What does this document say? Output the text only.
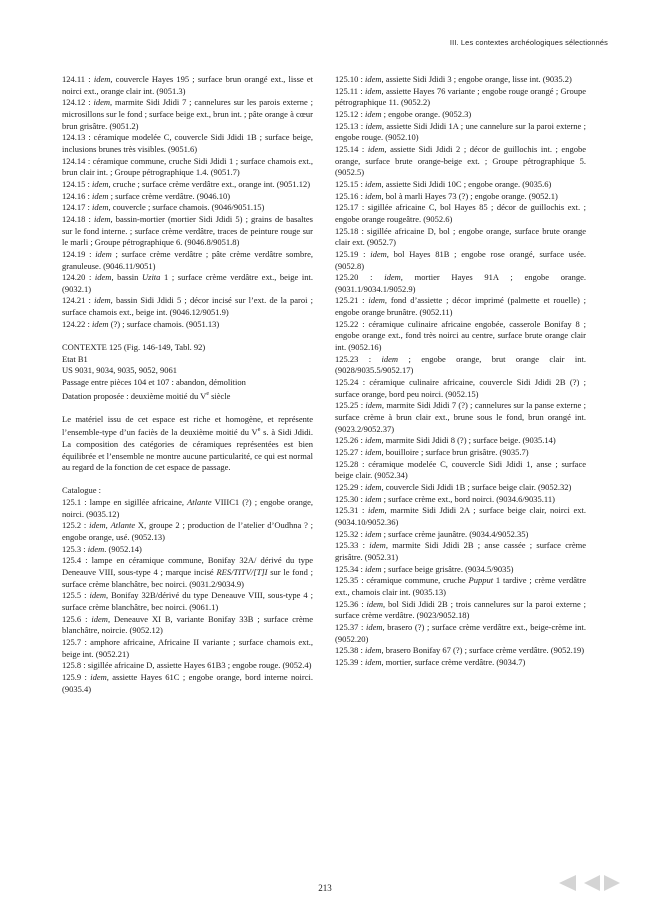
III. Les contextes archéologiques sélectionnés

124.11 : idem, couvercle Hayes 195 ; surface brun orangé ext., lisse et noirci ext., orange clair int. (9051.3)

124.12 : idem, marmite Sidi Jdidi 7 ; cannelures sur les parois externe ; microsillons sur le fond ; surface beige ext., brun int. ; pâte orange à cœur brun grisâtre. (9051.2)

124.13 : céramique modelée C, couvercle Sidi Jdidi 1B ; surface beige, inclusions brunes très visibles. (9051.6)

124.14 : céramique commune, cruche Sidi Jdidi 1 ; surface chamois ext., brun clair int. ; Groupe pétrographique 1.4. (9051.7)

124.15 : idem, cruche ; surface crème verdâtre ext., orange int. (9051.12)

124.16 : idem ; surface crème verdâtre. (9046.10)

124.17 : idem, couvercle ; surface chamois. (9046/9051.15)

124.18 : idem, bassin-mortier (mortier Sidi Jdidi 5) ; grains de basaltes sur le fond interne. ; surface crème verdâtre, traces de peinture rouge sur le marli ; Groupe pétrographique 6. (9046.8/9051.8)

124.19 : idem ; surface crème verdâtre ; pâte crème verdâtre sombre, granuleuse. (9046.11/9051)

124.20 : idem, bassin Uzita 1 ; surface crème verdâtre ext., beige int. (9032.1)

124.21 : idem, bassin Sidi Jdidi 5 ; décor incisé sur l’ext. de la paroi ; surface chamois ext., beige int. (9046.12/9051.9)

124.22 : idem (?) ; surface chamois. (9051.13)

CONTEXTE 125 (Fig. 146-149, Tabl. 92)

Etat B1

US 9031, 9034, 9035, 9052, 9061

Passage entre pièces 104 et 107 : abandon, démolition

Datation proposée : deuxième moitié du Ve siècle

Le matériel issu de cet espace est riche et homogène, et représente l’ensemble-type d’un faciès de la deuxième moitié du Ve s. à Sidi Jdidi. La composition des catégories de céramiques représentées est bien équilibrée et l’ensemble ne montre aucune particularité, ce qui est normal au regard de la fonction de cet espace de passage.

Catalogue :

125.1 : lampe en sigillée africaine, Atlante VIIIC1 (?) ; engobe orange, noirci. (9035.12)

125.2 : idem, Atlante X, groupe 2 ; production de l’atelier d’Oudhna ? ; engobe orange, usé. (9052.13)

125.3 : idem. (9052.14)

125.4 : lampe en céramique commune, Bonifay 32A/ dérivé du type Deneauve VIII, sous-type 4 ; marque incisé RES/TITV/[T]I sur le fond ; surface crème blanchâtre, bec noirci. (9031.2/9034.9)

125.5 : idem, Bonifay 32B/dérivé du type Deneauve VIII, sous-type 4 ; surface crème blanchâtre, bec noirci. (9061.1)

125.6 : idem, Deneauve XI B, variante Bonifay 33B ; surface crème blanchâtre, noircie. (9052.12)

125.7 : amphore africaine, Africaine II variante ; surface chamois ext., beige int. (9052.21)

125.8 : sigillée africaine D, assiette Hayes 61B3 ; engobe rouge. (9052.4)

125.9 : idem, assiette Hayes 61C ; engobe orange, bord interne noirci. (9035.4)

125.10 : idem, assiette Sidi Jdidi 3 ; engobe orange, lisse int. (9035.2)

125.11 : idem, assiette Hayes 76 variante ; engobe rouge orangé ; Groupe pétrographique 11. (9052.2)

125.12 : idem ; engobe orange. (9052.3)

125.13 : idem, assiette Sidi Jdidi 1A ; une cannelure sur la paroi externe ; engobe rouge. (9052.10)

125.14 : idem, assiette Sidi Jdidi 2 ; décor de guillochis int. ; engobe orange, surface brute orange-beige ext. ; Groupe pétrographique 5. (9052.5)

125.15 : idem, assiette Sidi Jdidi 10C ; engobe orange. (9035.6)

125.16 : idem, bol à marli Hayes 73 (?) ; engobe orange. (9052.1)

125.17 : sigillée africaine C, bol Hayes 85 ; décor de guillochis ext. ; engobe orange rougeâtre. (9052.6)

125.18 : sigillée africaine D, bol ; engobe orange, surface brute orange clair ext. (9052.7)

125.19 : idem, bol Hayes 81B ; engobe rose orangé, surface usée. (9052.8)

125.20 : idem, mortier Hayes 91A ; engobe orange. (9031.1/9034.1/9052.9)

125.21 : idem, fond d’assiette ; décor imprimé (palmette et rouelle) ; engobe orange brunâtre. (9052.11)

125.22 : céramique culinaire africaine engobée, casserole Bonifay 8 ; engobe orange ext., fond très noirci au centre, surface brute orange clair int. (9052.16)

125.23 : idem ; engobe orange, brut orange clair int. (9028/9035.5/9052.17)

125.24 : céramique culinaire africaine, couvercle Sidi Jdidi 2B (?) ; surface orange, bord peu noirci. (9052.15)

125.25 : idem, marmite Sidi Jdidi 7 (?) ; cannelures sur la panse externe ; surface crème à brun clair ext., brune sous le fond, brun orangé int. (9023.2/9052.37)

125.26 : idem, marmite Sidi Jdidi 8 (?) ; surface beige. (9035.14)

125.27 : idem, bouilloire ; surface brun grisâtre. (9035.7)

125.28 : céramique modelée C, couvercle Sidi Jdidi 1, anse ; surface beige clair. (9052.34)

125.29 : idem, couvercle Sidi Jdidi 1B ; surface beige clair. (9052.32)

125.30 : idem ; surface crème ext., bord noirci. (9034.6/9035.11)

125.31 : idem, marmite Sidi Jdidi 2A ; surface beige clair, noirci ext. (9034.10/9052.36)

125.32 : idem ; surface crème jaunâtre. (9034.4/9052.35)

125.33 : idem, marmite Sidi Jdidi 2B ; anse cassée ; surface crème grisâtre. (9052.31)

125.34 : idem ; surface beige grisâtre. (9034.5/9035)

125.35 : céramique commune, cruche Pupput 1 tardive ; crème verdâtre ext., chamois clair int. (9035.13)

125.36 : idem, bol Sidi Jdidi 2B ; trois cannelures sur la paroi externe ; surface crème verdâtre. (9023/9052.18)

125.37 : idem, brasero (?) ; surface crème verdâtre ext., beige-crème int. (9052.20)

125.38 : idem, brasero Bonifay 67 (?) ; surface crème verdâtre. (9052.19)

125.39 : idem, mortier, surface crème verdâtre. (9034.7)

213
